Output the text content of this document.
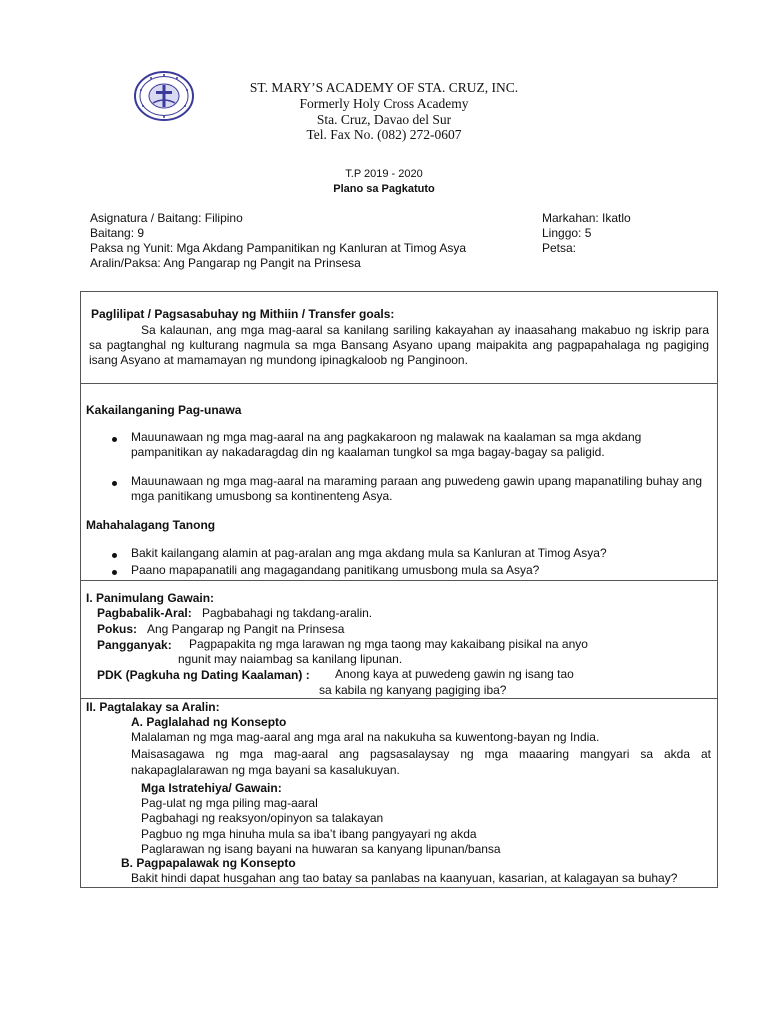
ST. MARY’S ACADEMY OF STA. CRUZ, INC.
Formerly Holy Cross Academy
Sta. Cruz, Davao del Sur
Tel. Fax No. (082) 272-0607
T.P 2019 - 2020
Plano sa Pagkatuto
Asignatura / Baitang: Filipino
Baitang: 9
Paksa ng Yunit: Mga Akdang Pampanitikan ng Kanluran at Timog Asya
Aralin/Paksa: Ang Pangarap ng Pangit na Prinsesa
Markahan: Ikatlo
Linggo: 5
Petsa:
Paglilipat / Pagsasabuhay ng Mithiin / Transfer goals:
Sa kalaunan, ang mga mag-aaral sa kanilang sariling kakayahan ay inaasahang makabuo ng iskrip para sa pagtanghal ng kulturang nagmula sa mga Bansang Asyano upang maipakita ang pagpapahalaga ng pagiging isang Asyano at mamamayan ng mundong ipinagkaloob ng Panginoon.
Kakailanganing Pag-unawa
Mauunawaan ng mga mag-aaral na ang pagkakaroon ng malawak na kaalaman sa mga akdang pampanitikan ay nakadaragdag din ng kaalaman tungkol sa mga bagay-bagay sa paligid.
Mauunawaan ng mga mag-aaral na maraming paraan ang puwedeng gawin upang mapanatiling buhay ang mga panitikang umusbong sa kontinenteng Asya.
Mahahalagang Tanong
Bakit kailangang alamin at pag-aralan ang mga akdang mula sa Kanluran at Timog Asya?
Paano mapapanatili ang magagandang panitikang umusbong mula sa Asya?
I. Panimulang Gawain:
Pagbabalik-Aral: Pagbabahagi ng takdang-aralin.
Pokus: Ang Pangarap ng Pangit na Prinsesa
Pangganyak: Pagpapakita ng mga larawan ng mga taong may kakaibang pisikal na anyo
ngunit may naiambag sa kanilang lipunan.
PDK (Pagkuha ng Dating Kaalaman) : Anong kaya at puwedeng gawin ng isang tao
sa kabila ng kanyang pagiging iba?
II. Pagtalakay sa Aralin:
A. Paglalahad ng Konsepto
Malalaman ng mga mag-aaral ang mga aral na nakukuha sa kuwentong-bayan ng India.
Maisasagawa ng mga mag-aaral ang pagsasalaysay ng mga maaaring mangyari sa akda at nakapaglalarawan ng mga bayani sa kasalukuyan.
Mga Istratehiya/ Gawain:
Pag-ulat ng mga piling mag-aaral
Pagbahagi ng reaksyon/opinyon sa talakayan
Pagbuo ng mga hinuha mula sa iba’t ibang pangyayari ng akda
Paglarawan ng isang bayani na huwaran sa kanyang lipunan/bansa
B. Pagpapalawak ng Konsepto
Bakit hindi dapat husgahan ang tao batay sa panlabas na kaanyuan, kasarian, at kalagayan sa buhay?
